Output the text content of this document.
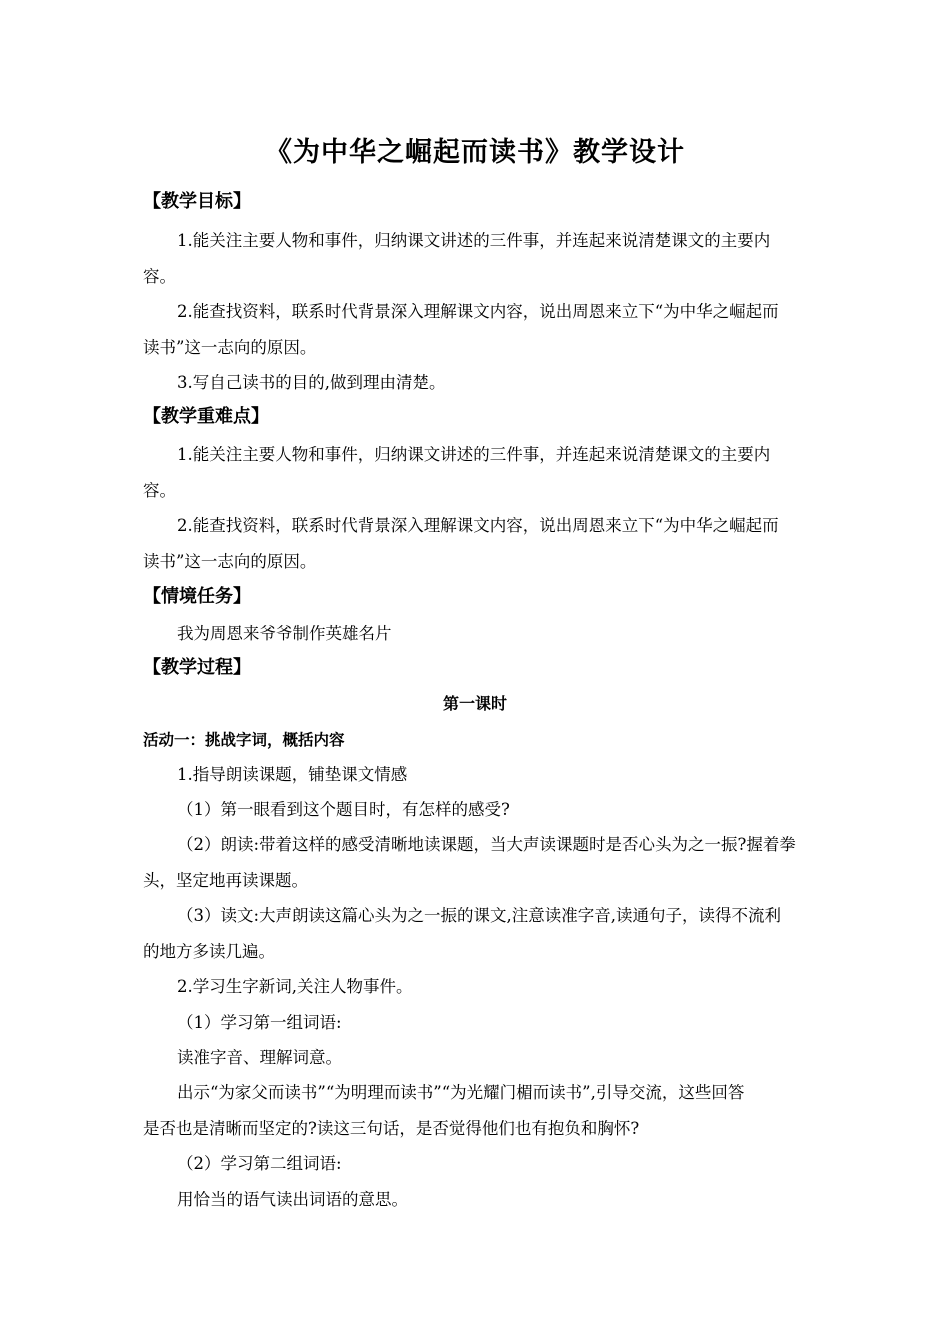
《为中华之崛起而读书》教学设计
【教学目标】
1.能关注主要人物和事件，归纳课文讲述的三件事，并连起来说清楚课文的主要内
容。
2.能查找资料，联系时代背景深入理解课文内容，说出周恩来立下“为中华之崛起而
读书”这一志向的原因。
3.写自己读书的目的,做到理由清楚。
【教学重难点】
1.能关注主要人物和事件，归纳课文讲述的三件事，并连起来说清楚课文的主要内
容。
2.能查找资料，联系时代背景深入理解课文内容，说出周恩来立下“为中华之崛起而
读书”这一志向的原因。
【情境任务】
我为周恩来爷爷制作英雄名片
【教学过程】
第一课时
活动一：挑战字词，概括内容
1.指导朗读课题，铺垫课文情感
（1）第一眼看到这个题目时，有怎样的感受?
（2）朗读:带着这样的感受清晰地读课题，当大声读课题时是否心头为之一振?握着拳
头，坚定地再读课题。
（3）读文:大声朗读这篇心头为之一振的课文,注意读准字音,读通句子，读得不流利
的地方多读几遍。
2.学习生字新词,关注人物事件。
（1）学习第一组词语:
读准字音、理解词意。
出示“为家父而读书”“为明理而读书”“为光耀门楣而读书”,引导交流，这些回答
是否也是清晰而坚定的?读这三句话，是否觉得他们也有抱负和胸怀?
（2）学习第二组词语:
用恰当的语气读出词语的意思。
